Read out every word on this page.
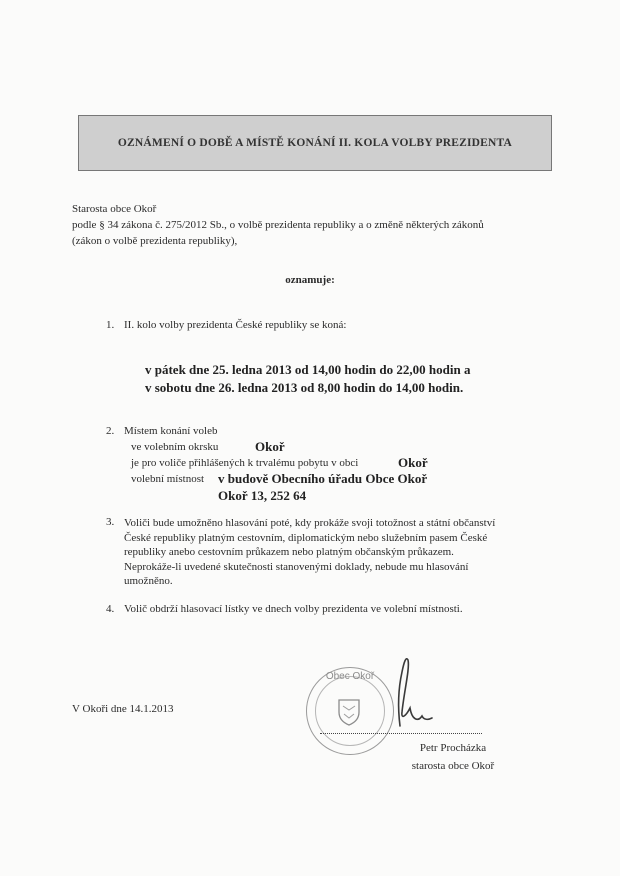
OZNÁMENÍ O DOBĚ A MÍSTĚ KONÁNÍ II. KOLA VOLBY PREZIDENTA
Starosta obce Okoř
podle § 34 zákona č. 275/2012 Sb., o volbě prezidenta republiky a o změně některých zákonů
(zákon o volbě prezidenta republiky),
oznamuje:
1. II. kolo volby prezidenta České republiky se koná:
v pátek dne 25. ledna 2013 od 14,00 hodin do 22,00 hodin a
v sobotu dne 26. ledna 2013 od 8,00 hodin do 14,00 hodin.
2. Místem konání voleb
ve volebním okrsku	Okoř
je pro voliče přihlášených k trvalému pobytu v obci	Okoř
volební místnost v budově Obecního úřadu Obce Okoř
Okoř 13, 252 64
3. Voliči bude umožněno hlasování poté, kdy prokáže svoji totožnost a státní občanství
České republiky platným cestovním, diplomatickým nebo služebním pasem České
republiky anebo cestovním průkazem nebo platným občanským průkazem.
Neprokáže-li uvedené skutečnosti stanovenými doklady, nebude mu hlasování
umožněno.
4. Volič obdrží hlasovací lístky ve dnech volby prezidenta ve volební místnosti.
V Okoři dne 14.1.2013
Obec Okoř
Petr Procházka
starosta obce Okoř
